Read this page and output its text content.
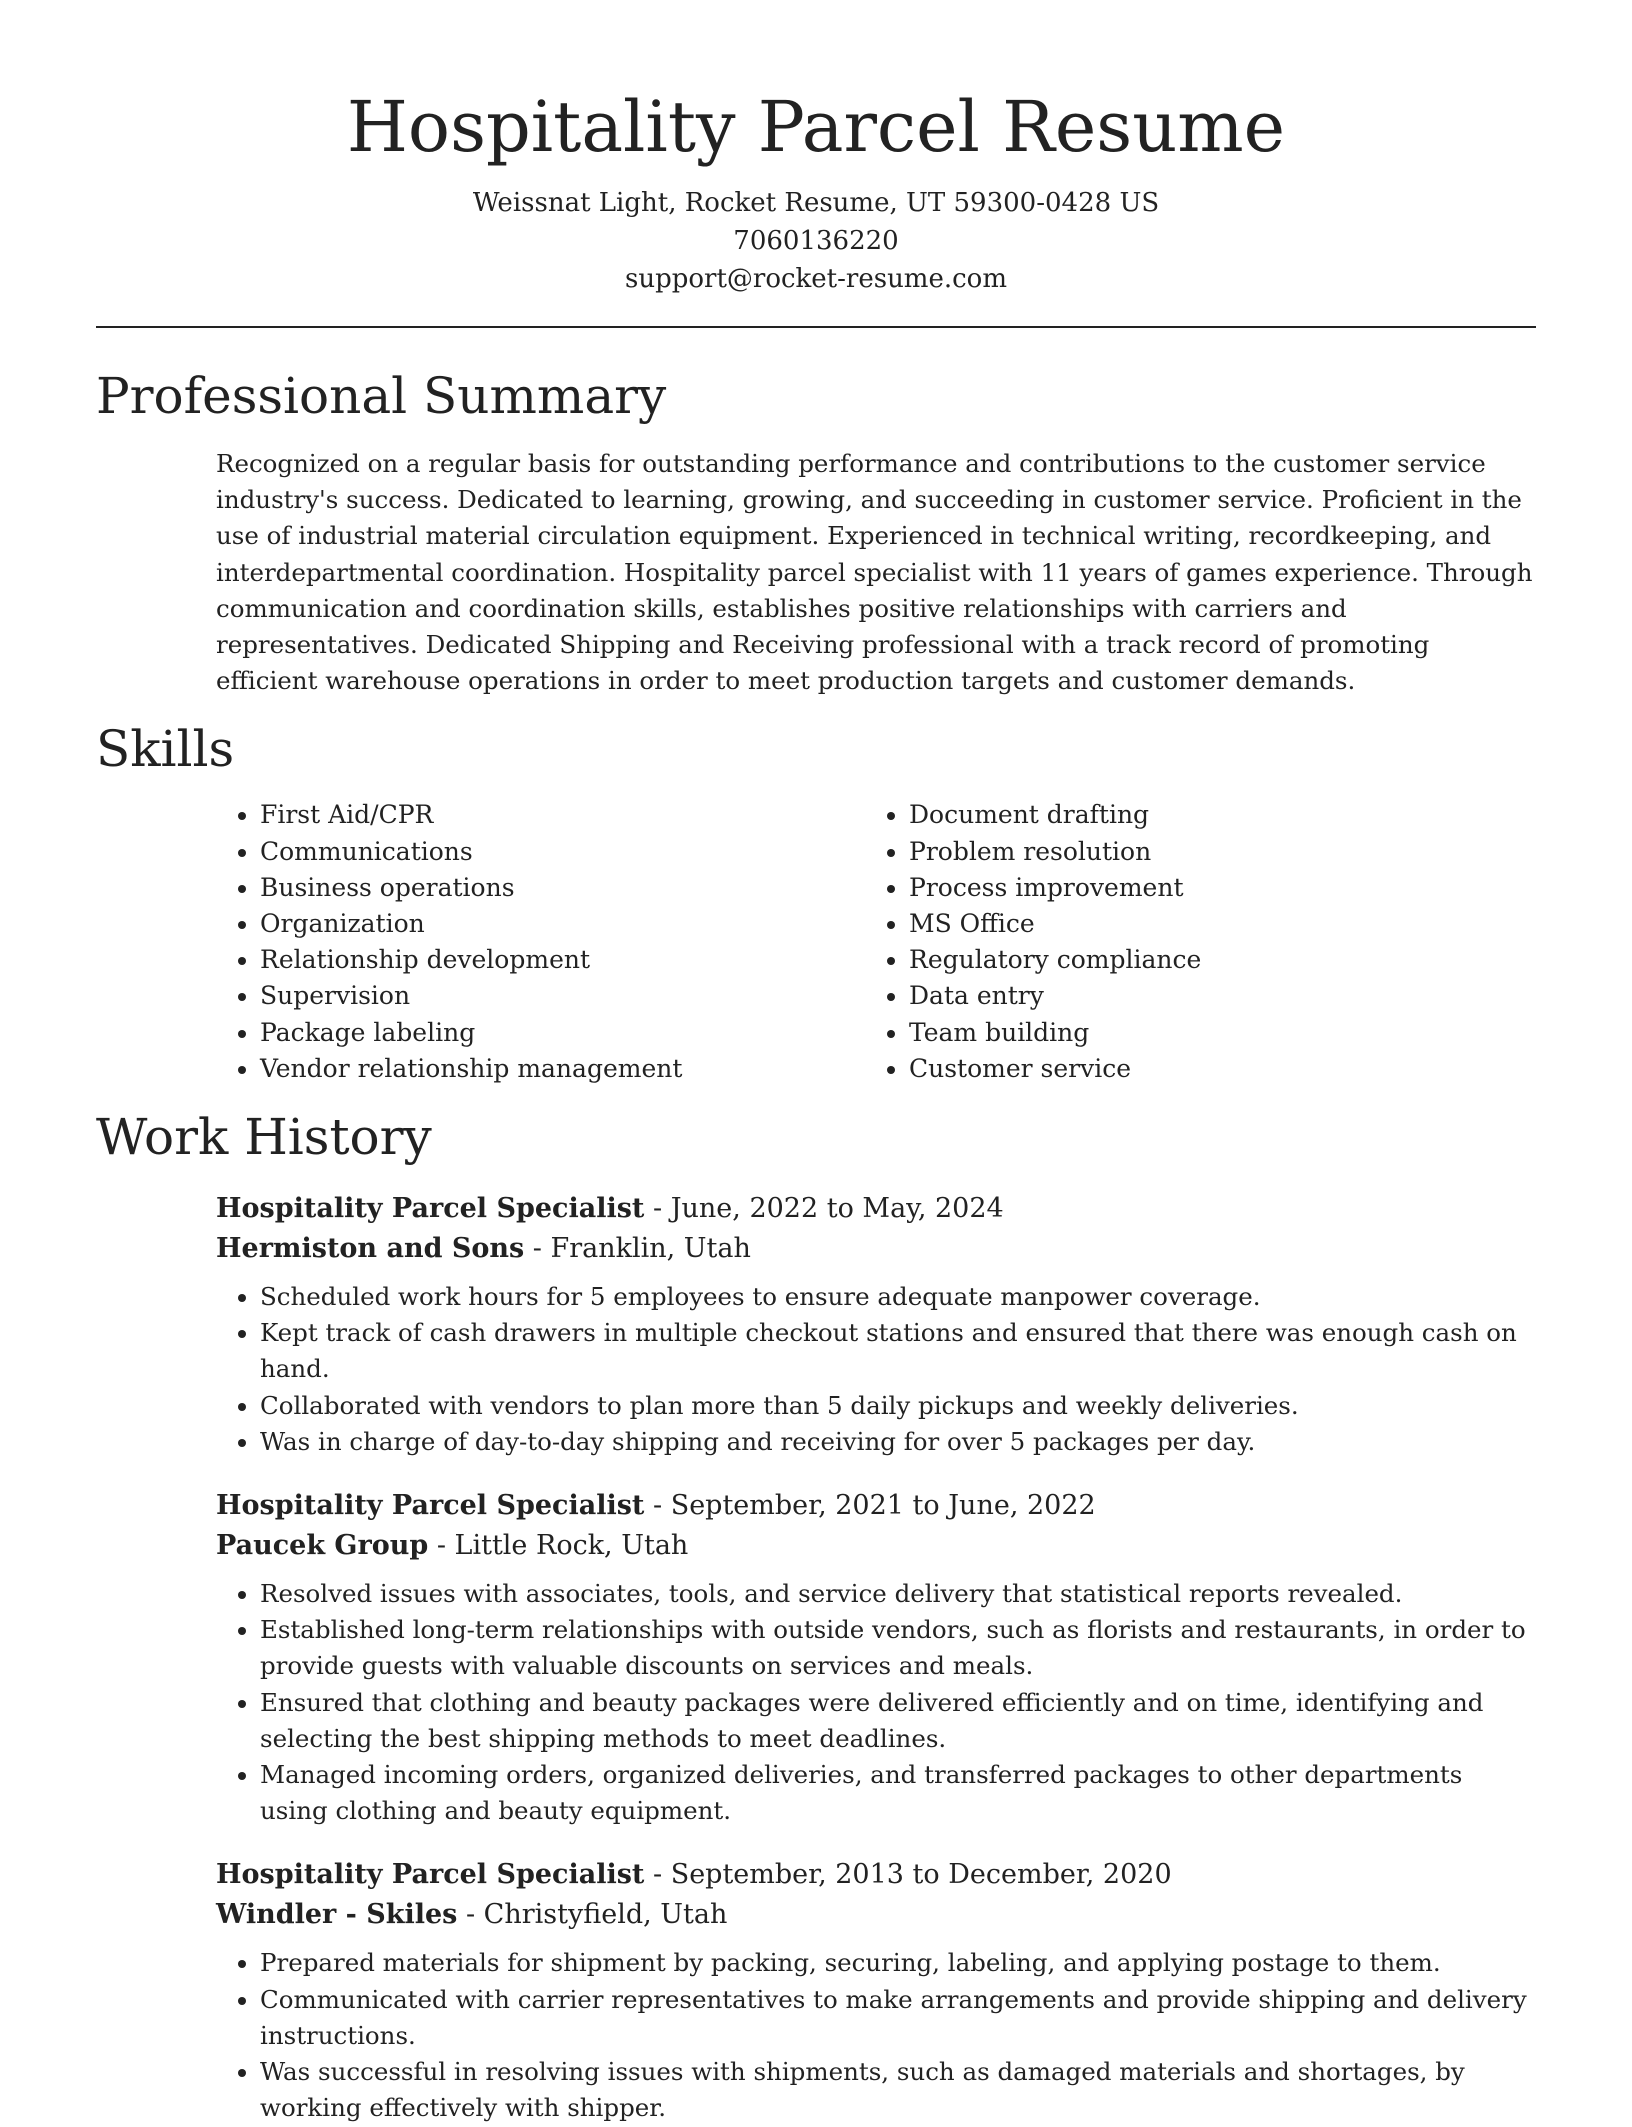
Hospitality Parcel Resume
Weissnat Light, Rocket Resume, UT 59300-0428 US
7060136220
support@rocket-resume.com
Professional Summary
Recognized on a regular basis for outstanding performance and contributions to the customer service industry's success. Dedicated to learning, growing, and succeeding in customer service. Proficient in the use of industrial material circulation equipment. Experienced in technical writing, recordkeeping, and interdepartmental coordination. Hospitality parcel specialist with 11 years of games experience. Through communication and coordination skills, establishes positive relationships with carriers and representatives. Dedicated Shipping and Receiving professional with a track record of promoting efficient warehouse operations in order to meet production targets and customer demands.
Skills
• First Aid/CPR
• Communications
• Business operations
• Organization
• Relationship development
• Supervision
• Package labeling
• Vendor relationship management
• Document drafting
• Problem resolution
• Process improvement
• MS Office
• Regulatory compliance
• Data entry
• Team building
• Customer service
Work History
Hospitality Parcel Specialist - June, 2022 to May, 2024
Hermiston and Sons - Franklin, Utah
• Scheduled work hours for 5 employees to ensure adequate manpower coverage.
• Kept track of cash drawers in multiple checkout stations and ensured that there was enough cash on hand.
• Collaborated with vendors to plan more than 5 daily pickups and weekly deliveries.
• Was in charge of day-to-day shipping and receiving for over 5 packages per day.
Hospitality Parcel Specialist - September, 2021 to June, 2022
Paucek Group - Little Rock, Utah
• Resolved issues with associates, tools, and service delivery that statistical reports revealed.
• Established long-term relationships with outside vendors, such as florists and restaurants, in order to provide guests with valuable discounts on services and meals.
• Ensured that clothing and beauty packages were delivered efficiently and on time, identifying and selecting the best shipping methods to meet deadlines.
• Managed incoming orders, organized deliveries, and transferred packages to other departments using clothing and beauty equipment.
Hospitality Parcel Specialist - September, 2013 to December, 2020
Windler - Skiles - Christyfield, Utah
• Prepared materials for shipment by packing, securing, labeling, and applying postage to them.
• Communicated with carrier representatives to make arrangements and provide shipping and delivery instructions.
• Was successful in resolving issues with shipments, such as damaged materials and shortages, by working effectively with shipper.
